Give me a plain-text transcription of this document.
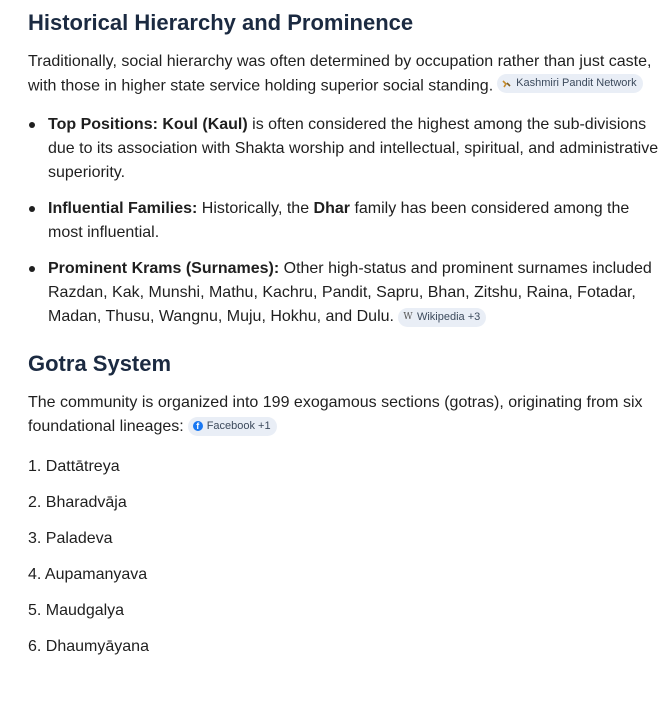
Historical Hierarchy and Prominence

Traditionally, social hierarchy was often determined by occupation rather than just caste, with those in higher state service holding superior social standing. Kashmiri Pandit Network

Top Positions: Koul (Kaul) is often considered the highest among the sub-divisions due to its association with Shakta worship and intellectual, spiritual, and administrative superiority.
Influential Families: Historically, the Dhar family has been considered among the most influential.
Prominent Krams (Surnames): Other high-status and prominent surnames included Razdan, Kak, Munshi, Mathu, Kachru, Pandit, Sapru, Bhan, Zitshu, Raina, Fotadar, Madan, Thusu, Wangnu, Muju, Hokhu, and Dulu. W Wikipedia +3
Gotra System

The community is organized into 199 exogamous sections (gotras), originating from six foundational lineages:	f Facebook +1

1. Dattātreya
2. Bharadvāja
3. Paladeva
4. Aupamanyava
5. Maudgalya
6. Dhaumyāyana
